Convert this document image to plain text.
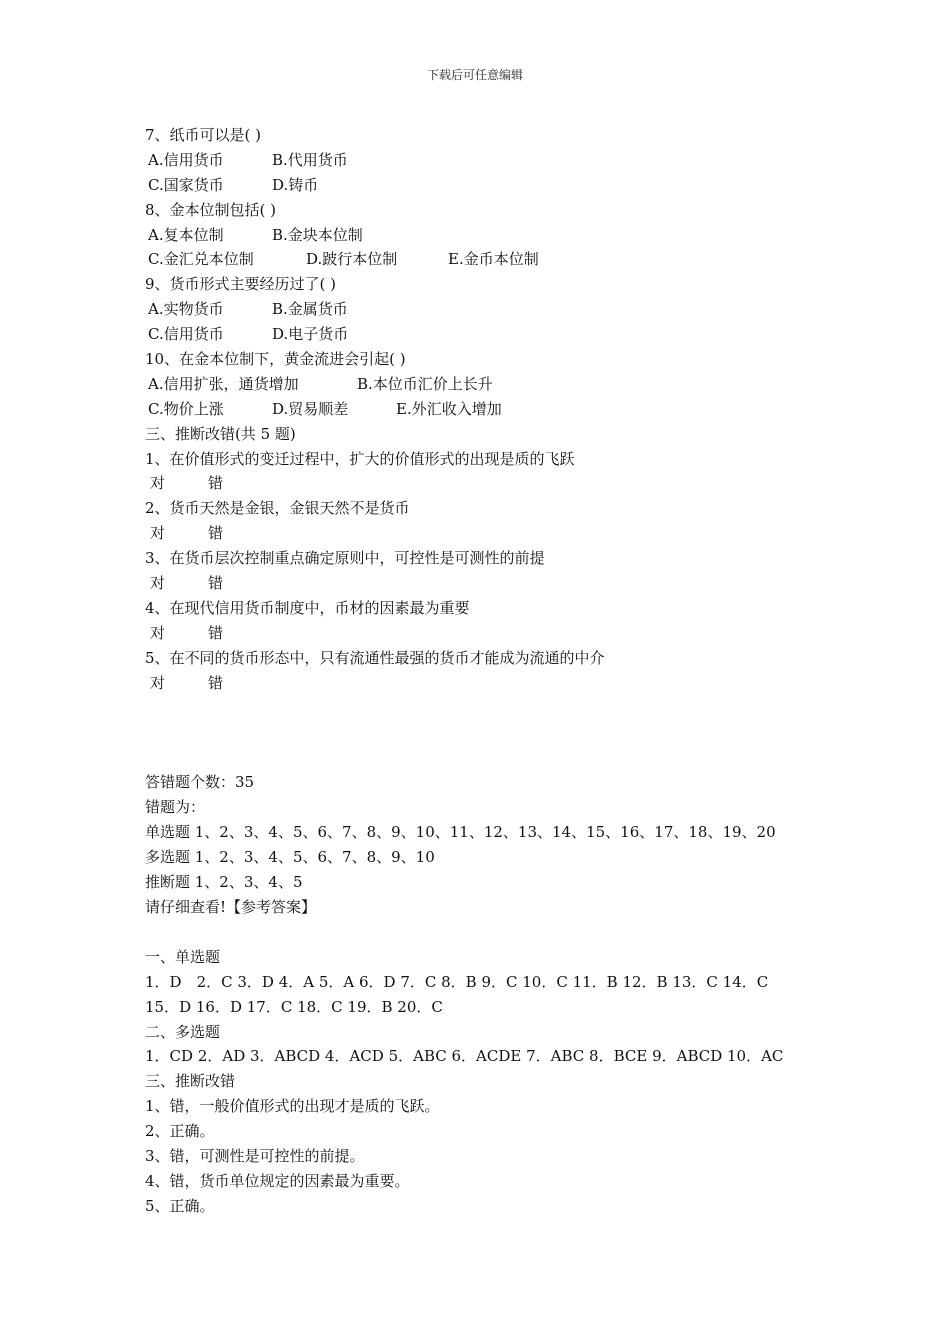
下载后可任意编辑
7、纸币可以是( )
A.信用货币	B.代用货币
C.国家货币	D.铸币
8、金本位制包括( )
A.复本位制	B.金块本位制
C.金汇兑本位制	D.跛行本位制	E.金币本位制
9、货币形式主要经历过了( )
A.实物货币	B.金属货币
C.信用货币	D.电子货币
10、在金本位制下，黄金流进会引起( )
A.信用扩张，通货增加	B.本位币汇价上长升
C.物价上涨	D.贸易顺差	E.外汇收入增加
三、推断改错(共 5 题)
1、在价值形式的变迁过程中，扩大的价值形式的出现是质的飞跃
对	错
2、货币天然是金银，金银天然不是货币
对	错
3、在货币层次控制重点确定原则中，可控性是可测性的前提
对	错
4、在现代信用货币制度中，币材的因素最为重要
对	错
5、在不同的货币形态中，只有流通性最强的货币才能成为流通的中介
对	错
答错题个数：35
错题为：
单选题 1、2、3、4、5、6、7、8、9、10、11、12、13、14、15、16、17、18、19、20
多选题 1、2、3、4、5、6、7、8、9、10
推断题 1、2、3、4、5
请仔细查看!【参考答案】
一、单选题
1．D　2．C 3．D 4．A 5．A 6．D 7．C 8．B 9．C 10．C 11．B 12．B 13．C 14．C
15．D 16．D 17．C 18．C 19．B 20．C
二、多选题
1．CD 2．AD 3．ABCD 4．ACD 5．ABC 6．ACDE 7．ABC 8．BCE 9．ABCD 10．AC
三、推断改错
1、错，一般价值形式的出现才是质的飞跃。
2、正确。
3、错，可测性是可控性的前提。
4、错，货币单位规定的因素最为重要。
5、正确。
